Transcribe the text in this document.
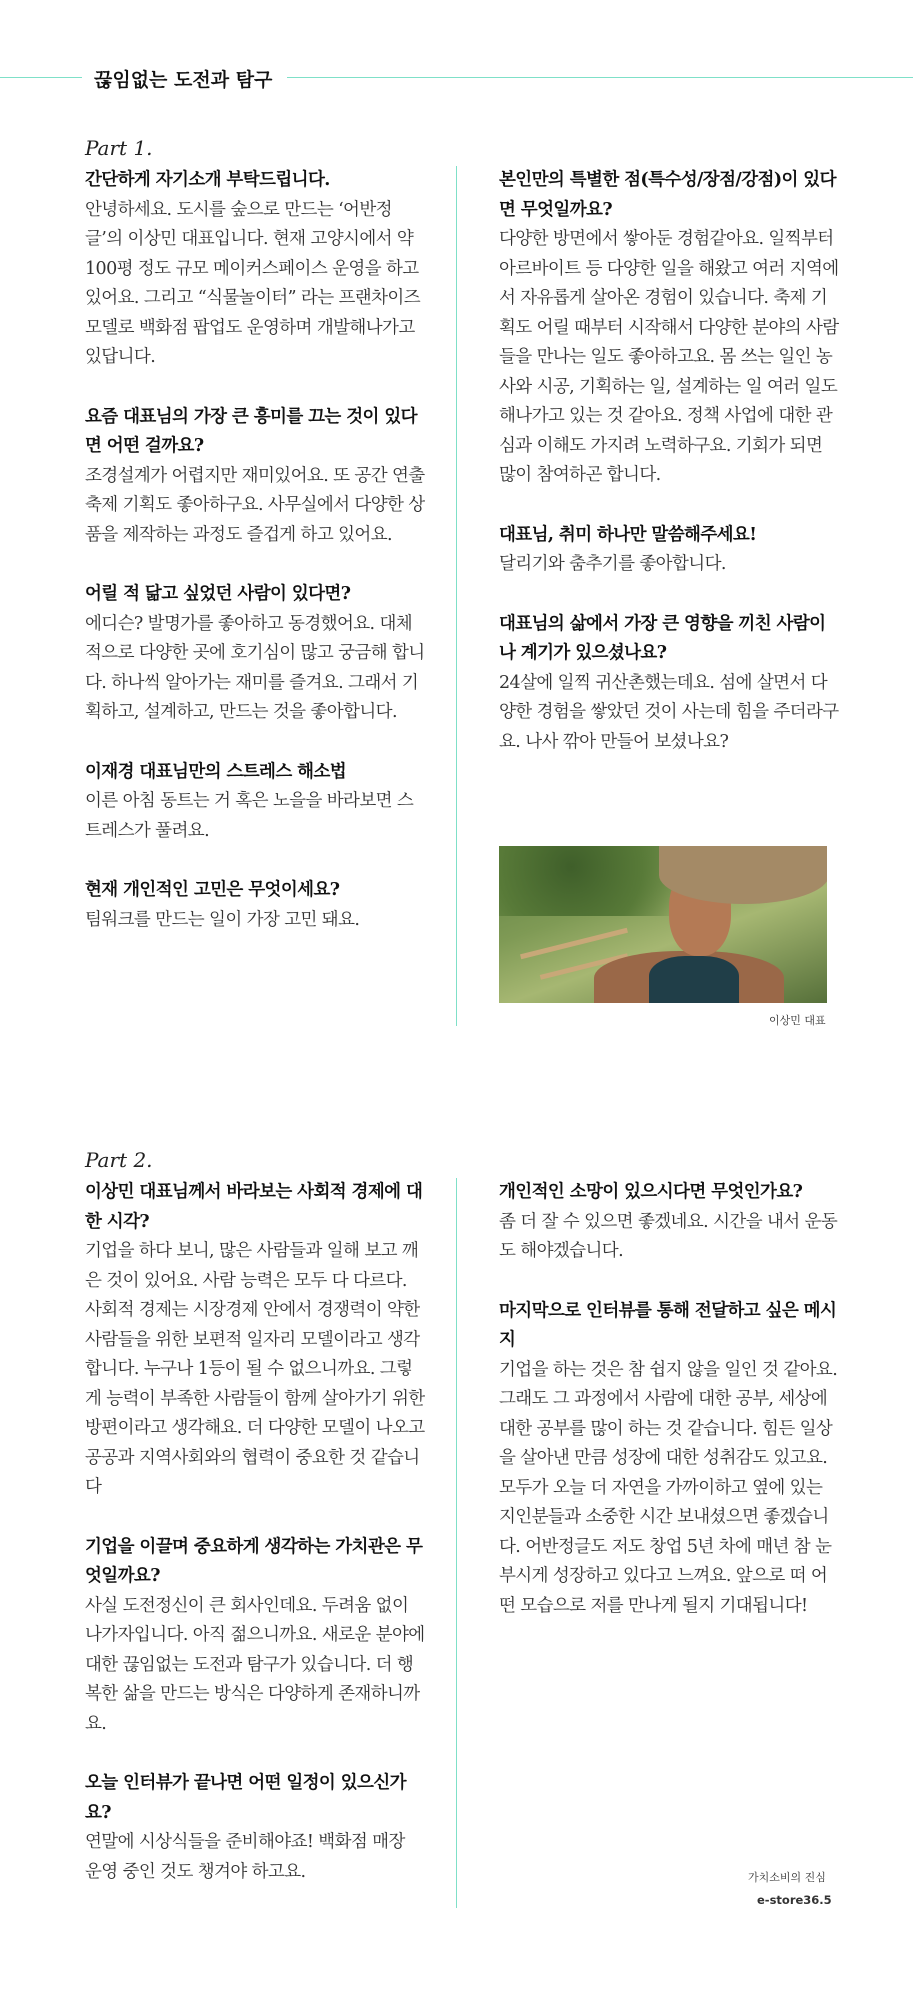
끊임없는 도전과 탐구
Part 1.

간단하게 자기소개 부탁드립니다.

안녕하세요. 도시를 숲으로 만드는 ‘어반정글’의 이상민 대표입니다. 현재 고양시에서 약 100평 정도 규모 메이커스페이스 운영을 하고 있어요. 그리고 “식물놀이터” 라는 프랜차이즈 모델로 백화점 팝업도 운영하며 개발해나가고 있답니다.

요즘 대표님의 가장 큰 흥미를 끄는 것이 있다면 어떤 걸까요?

조경설계가 어렵지만 재미있어요. 또 공간 연출 축제 기획도 좋아하구요. 사무실에서 다양한 상품을 제작하는 과정도 즐겁게 하고 있어요.

어릴 적 닮고 싶었던 사람이 있다면?

에디슨? 발명가를 좋아하고 동경했어요. 대체적으로 다양한 곳에 호기심이 많고 궁금해 합니다. 하나씩 알아가는 재미를 즐겨요. 그래서 기획하고, 설계하고, 만드는 것을 좋아합니다.

이재경 대표님만의 스트레스 해소법

이른 아침 동트는 거 혹은 노을을 바라보면 스트레스가 풀려요.

현재 개인적인 고민은 무엇이세요?

팀워크를 만드는 일이 가장 고민 돼요.

본인만의 특별한 점(특수성/장점/강점)이 있다면 무엇일까요?

다양한 방면에서 쌓아둔 경험같아요. 일찍부터 아르바이트 등 다양한 일을 해왔고 여러 지역에서 자유롭게 살아온 경험이 있습니다. 축제 기획도 어릴 때부터 시작해서 다양한 분야의 사람들을 만나는 일도 좋아하고요. 몸 쓰는 일인 농사와 시공, 기획하는 일, 설계하는 일 여러 일도 해나가고 있는 것 같아요. 정책 사업에 대한 관심과 이해도 가지려 노력하구요. 기회가 되면 많이 참여하곤 합니다.

대표님, 취미 하나만 말씀해주세요!

달리기와 춤추기를 좋아합니다.

대표님의 삶에서 가장 큰 영향을 끼친 사람이나 계기가 있으셨나요?

24살에 일찍 귀산촌했는데요. 섬에 살면서 다양한 경험을 쌓았던 것이 사는데 힘을 주더라구요. 나사 깎아 만들어 보셨나요?

이상민 대표
Part 2.

이상민 대표님께서 바라보는 사회적 경제에 대한 시각?

기업을 하다 보니, 많은 사람들과 일해 보고 깨은 것이 있어요. 사람 능력은 모두 다 다르다. 사회적 경제는 시장경제 안에서 경쟁력이 약한 사람들을 위한 보편적 일자리 모델이라고 생각합니다. 누구나 1등이 될 수 없으니까요. 그렇게 능력이 부족한 사람들이 함께 살아가기 위한 방편이라고 생각해요. 더 다양한 모델이 나오고 공공과 지역사회와의 협력이 중요한 것 같습니다

기업을 이끌며 중요하게 생각하는 가치관은 무엇일까요?

사실 도전정신이 큰 회사인데요. 두려움 없이 나가자입니다. 아직 젊으니까요. 새로운 분야에 대한 끊임없는 도전과 탐구가 있습니다. 더 행복한 삶을 만드는 방식은 다양하게 존재하니까요.

오늘 인터뷰가 끝나면 어떤 일정이 있으신가요?

연말에 시상식들을 준비해야죠! 백화점 매장 운영 중인 것도 챙겨야 하고요.

개인적인 소망이 있으시다면 무엇인가요?

좀 더 잘 수 있으면 좋겠네요. 시간을 내서 운동도 해야겠습니다.

마지막으로 인터뷰를 통해 전달하고 싶은 메시지

기업을 하는 것은 참 쉽지 않을 일인 것 같아요. 그래도 그 과정에서 사람에 대한 공부, 세상에 대한 공부를 많이 하는 것 같습니다. 힘든 일상을 살아낸 만큼 성장에 대한 성취감도 있고요. 모두가 오늘 더 자연을 가까이하고 옆에 있는 지인분들과 소중한 시간 보내셨으면 좋겠습니다. 어반정글도 저도 창업 5년 차에 매년 참 눈부시게 성장하고 있다고 느껴요. 앞으로 떠 어떤 모습으로 저를 만나게 될지 기대됩니다!

가치소비의 진심
e-store36.5
